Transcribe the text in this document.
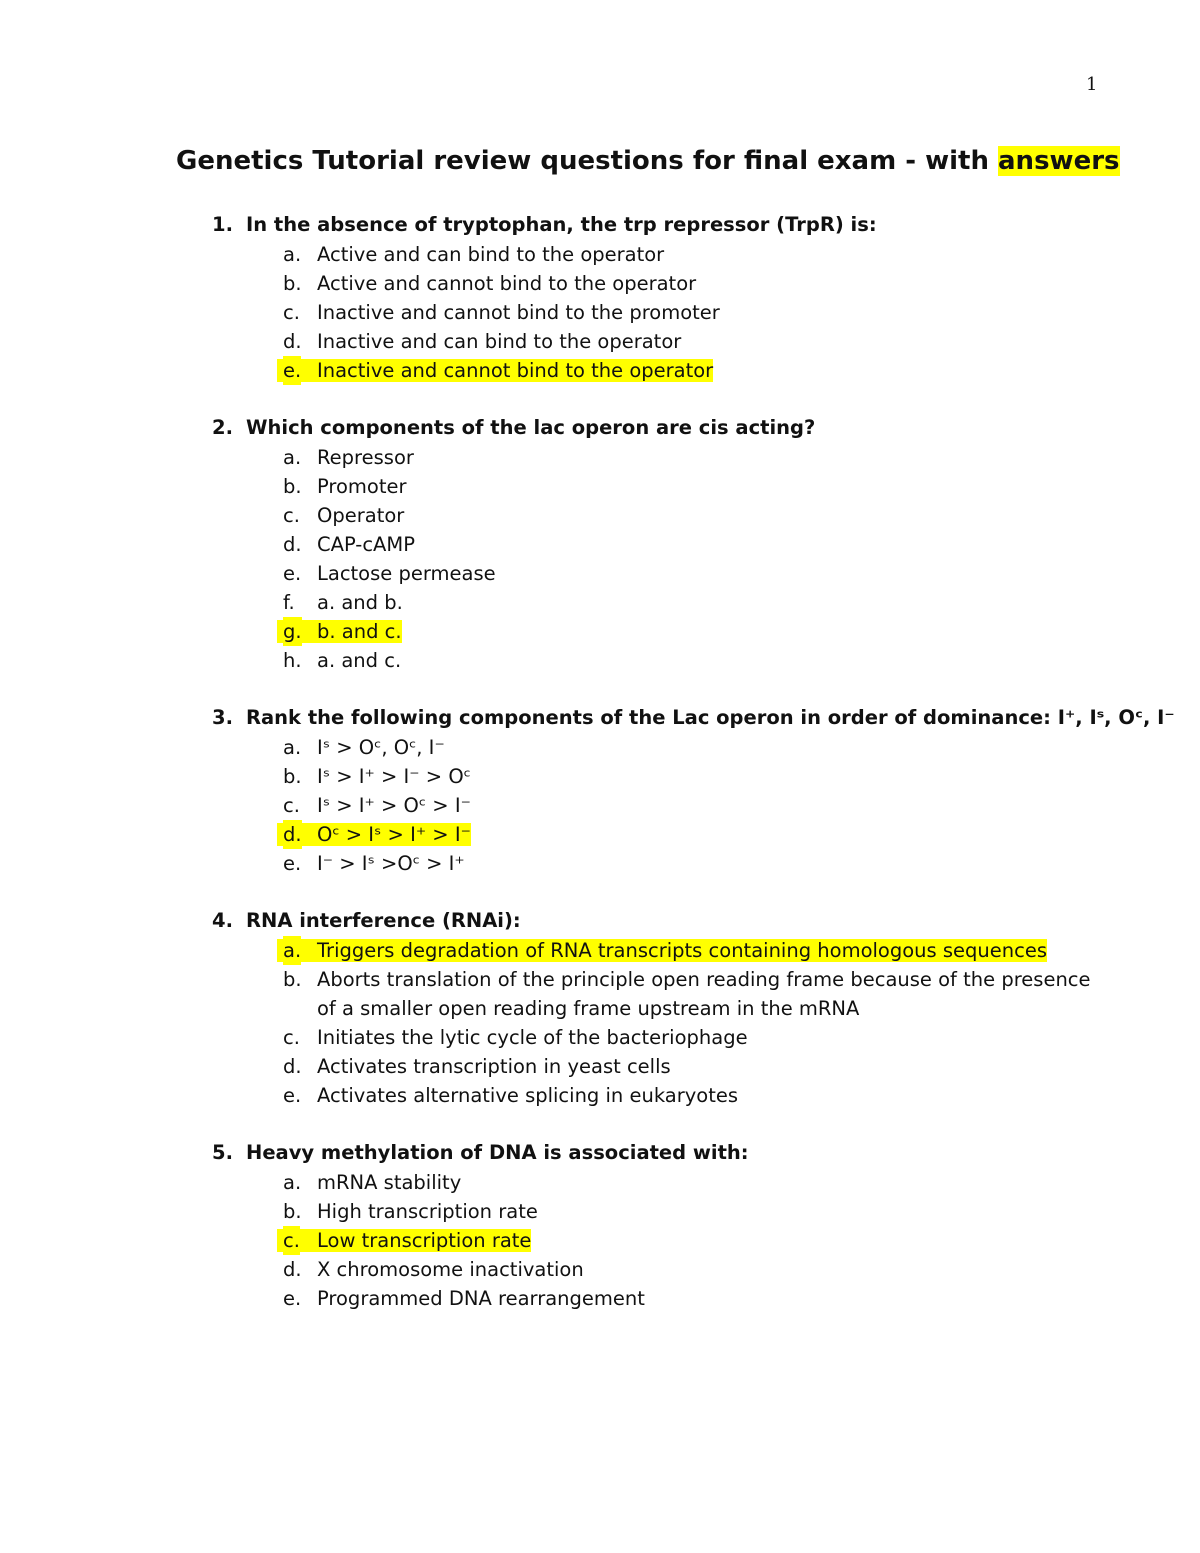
1
Genetics Tutorial review questions for final exam - with answers
1. In the absence of tryptophan, the trp repressor (TrpR) is:
a. Active and can bind to the operator
b. Active and cannot bind to the operator
c. Inactive and cannot bind to the promoter
d. Inactive and can bind to the operator
e. Inactive and cannot bind to the operator
2. Which components of the lac operon are cis acting?
a. Repressor
b. Promoter
c. Operator
d. CAP-cAMP
e. Lactose permease
f. a. and b.
g. b. and c.
h. a. and c.
3. Rank the following components of the Lac operon in order of dominance: I⁺, Iˢ, Oᶜ, I⁻
a. Iˢ > Oᶜ, Oᶜ, I⁻
b. Iˢ > I⁺ > I⁻ > Oᶜ
c. Iˢ > I⁺ > Oᶜ > I⁻
d. Oᶜ > Iˢ > I⁺ > I⁻
e. I⁻ > Iˢ >Oᶜ > I⁺
4. RNA interference (RNAi):
a. Triggers degradation of RNA transcripts containing homologous sequences
b. Aborts translation of the principle open reading frame because of the presence of a smaller open reading frame upstream in the mRNA
c. Initiates the lytic cycle of the bacteriophage
d. Activates transcription in yeast cells
e. Activates alternative splicing in eukaryotes
5. Heavy methylation of DNA is associated with:
a. mRNA stability
b. High transcription rate
c. Low transcription rate
d. X chromosome inactivation
e. Programmed DNA rearrangement
